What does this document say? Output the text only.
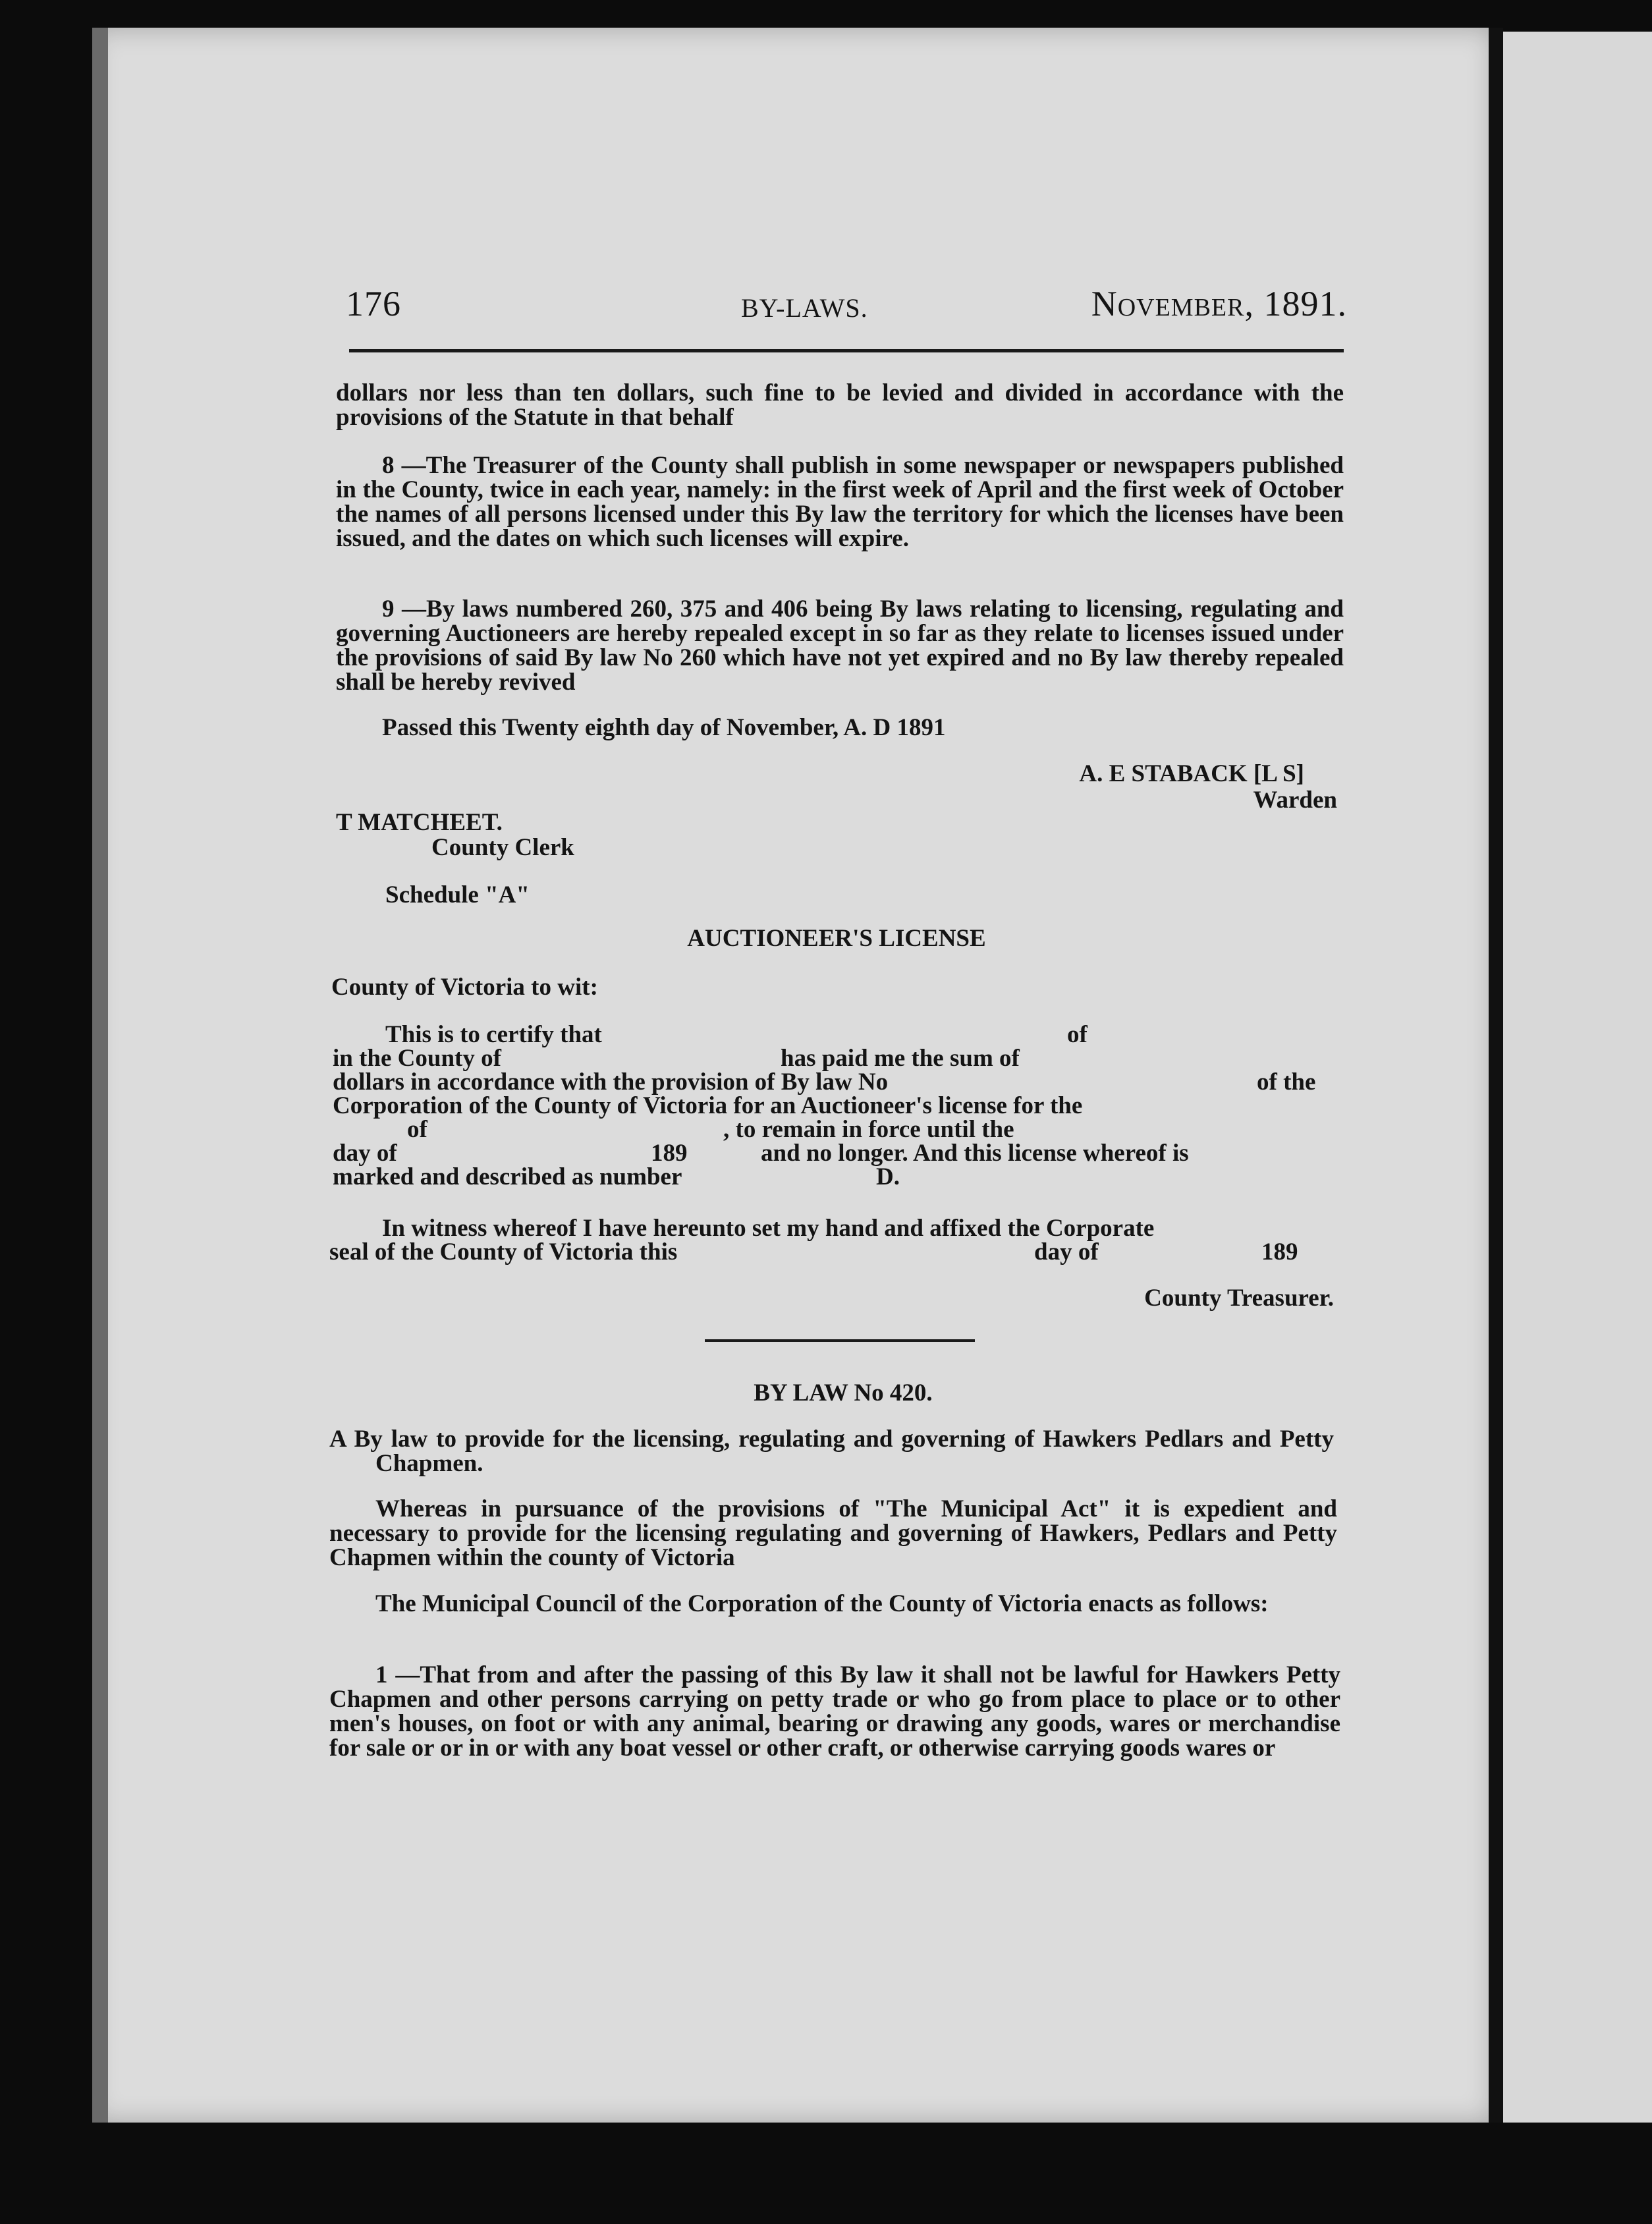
176	BY-LAWS.	November, 1891.

dollars nor less than ten dollars, such fine to be levied and divided in accordance with the provisions of the Statute in that behalf

8 —The Treasurer of the County shall publish in some newspaper or newspapers published in the County, twice in each year, namely: in the first week of April and the first week of October the names of all persons licensed under this By law the territory for which the licenses have been issued, and the dates on which such licenses will expire.

9 —By laws numbered 260, 375 and 406 being By laws relating to licensing, regulating and governing Auctioneers are hereby repealed except in so far as they relate to licenses issued under the provisions of said By law No 260 which have not yet expired and no By law thereby repealed shall be hereby revived

Passed this Twenty eighth day of November, A. D 1891

A. E STABACK [L S]
Warden
T MATCHEET.
County Clerk
Schedule "A"
AUCTIONEER'S LICENSE
County of Victoria to wit:
This is to certify that	of
in the County of	has paid me the sum of
dollars in accordance with the provision of By law No	of the
Corporation of the County of Victoria for an Auctioneer's license for the
of	, to remain in force until the
day of	189	and no longer. And this license whereof is
marked and described as number	D.
In witness whereof I have hereunto set my hand and affixed the Corporate
seal of the County of Victoria this	day of	189
County Treasurer.
BY LAW No 420.

A By law to provide for the licensing, regulating and governing of Hawkers Pedlars and Petty Chapmen.

Whereas in pursuance of the provisions of "The Municipal Act" it is expedient and necessary to provide for the licensing regulating and governing of Hawkers, Pedlars and Petty Chapmen within the county of Victoria

The Municipal Council of the Corporation of the County of Victoria enacts as follows:

1 —That from and after the passing of this By law it shall not be lawful for Hawkers Petty Chapmen and other persons carrying on petty trade or who go from place to place or to other men's houses, on foot or with any animal, bearing or drawing any goods, wares or merchandise for sale or or in or with any boat vessel or other craft, or otherwise carrying goods wares or
